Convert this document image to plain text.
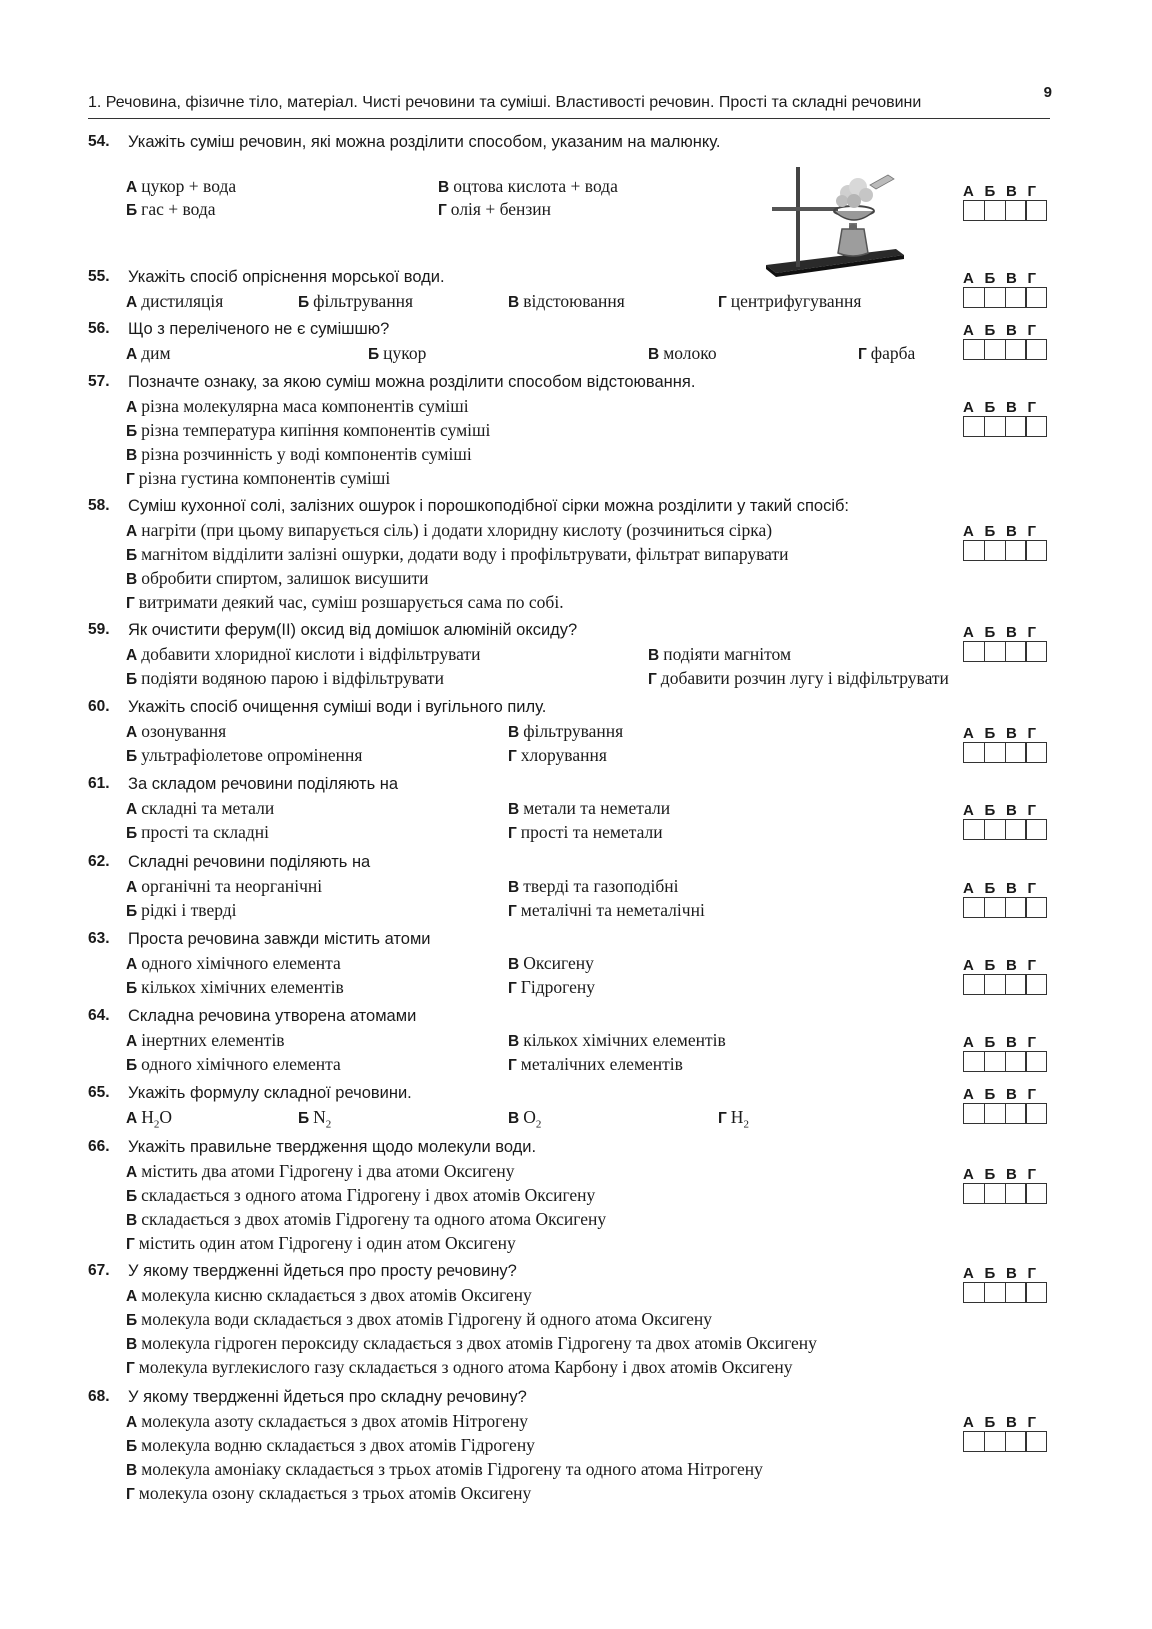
1. Речовина, фізичне тіло, матеріал. Чисті речовини та суміші. Властивості речовин. Прості та складні речовини
9
54. Укажіть суміш речовин, які можна розділити способом, указаним на малюнку.
А цукор + вода
Б гас + вода
В оцтова кислота + вода
Г олія + бензин
А Б В Г
55. Укажіть спосіб опріснення морської води.
А дистиляція	Б фільтрування	В відстоювання	Г центрифугування
А Б В Г
56. Що з переліченого не є сумішшю?
А дим	Б цукор	В молоко	Г фарба
А Б В Г
57. Позначте ознаку, за якою суміш можна розділити способом відстоювання.
А різна молекулярна маса компонентів суміші
Б різна температура кипіння компонентів суміші
В різна розчинність у воді компонентів суміші
Г різна густина компонентів суміші
А Б В Г
58. Суміш кухонної солі, залізних ошурок і порошкоподібної сірки можна розділити у такий спосіб:
А нагріти (при цьому випарується сіль) і додати хлоридну кислоту (розчиниться сірка)
Б магнітом відділити залізні ошурки, додати воду і профільтрувати, фільтрат випарувати
В обробити спиртом, залишок висушити
Г витримати деякий час, суміш розшарується сама по собі.
А Б В Г
59. Як очистити ферум(ІІ) оксид від домішок алюміній оксиду?
А добавити хлоридної кислоти і відфільтрувати
Б подіяти водяною парою і відфільтрувати
В подіяти магнітом
Г добавити розчин лугу і відфільтрувати
А Б В Г
60. Укажіть спосіб очищення суміші води і вугільного пилу.
А озонування
Б ультрафіолетове опромінення
В фільтрування
Г хлорування
А Б В Г
61. За складом речовини поділяють на
А складні та метали
Б прості та складні
В метали та неметали
Г прості та неметали
А Б В Г
62. Складні речовини поділяють на
А органічні та неорганічні
Б рідкі і тверді
В тверді та газоподібні
Г металічні та неметалічні
А Б В Г
63. Проста речовина завжди містить атоми
А одного хімічного елемента
Б кількох хімічних елементів
В Оксигену
Г Гідрогену
А Б В Г
64. Складна речовина утворена атомами
А інертних елементів
Б одного хімічного елемента
В кількох хімічних елементів
Г металічних елементів
А Б В Г
65. Укажіть формулу складної речовини.
А $H_2O$	Б $N_2$	В $O_2$	Г $H_2$
А Б В Г
66. Укажіть правильне твердження щодо молекули води.
А містить два атоми Гідрогену і два атоми Оксигену
Б складається з одного атома Гідрогену і двох атомів Оксигену
В складається з двох атомів Гідрогену та одного атома Оксигену
Г містить один атом Гідрогену і один атом Оксигену
А Б В Г
67. У якому твердженні йдеться про просту речовину?
А молекула кисню складається з двох атомів Оксигену
Б молекула води складається з двох атомів Гідрогену й одного атома Оксигену
В молекула гідроген пероксиду складається з двох атомів Гідрогену та двох атомів Оксигену
Г молекула вуглекислого газу складається з одного атома Карбону і двох атомів Оксигену
А Б В Г
68. У якому твердженні йдеться про складну речовину?
А молекула азоту складається з двох атомів Нітрогену
Б молекула водню складається з двох атомів Гідрогену
В молекула амоніаку складається з трьох атомів Гідрогену та одного атома Нітрогену
Г молекула озону складається з трьох атомів Оксигену
А Б В Г
